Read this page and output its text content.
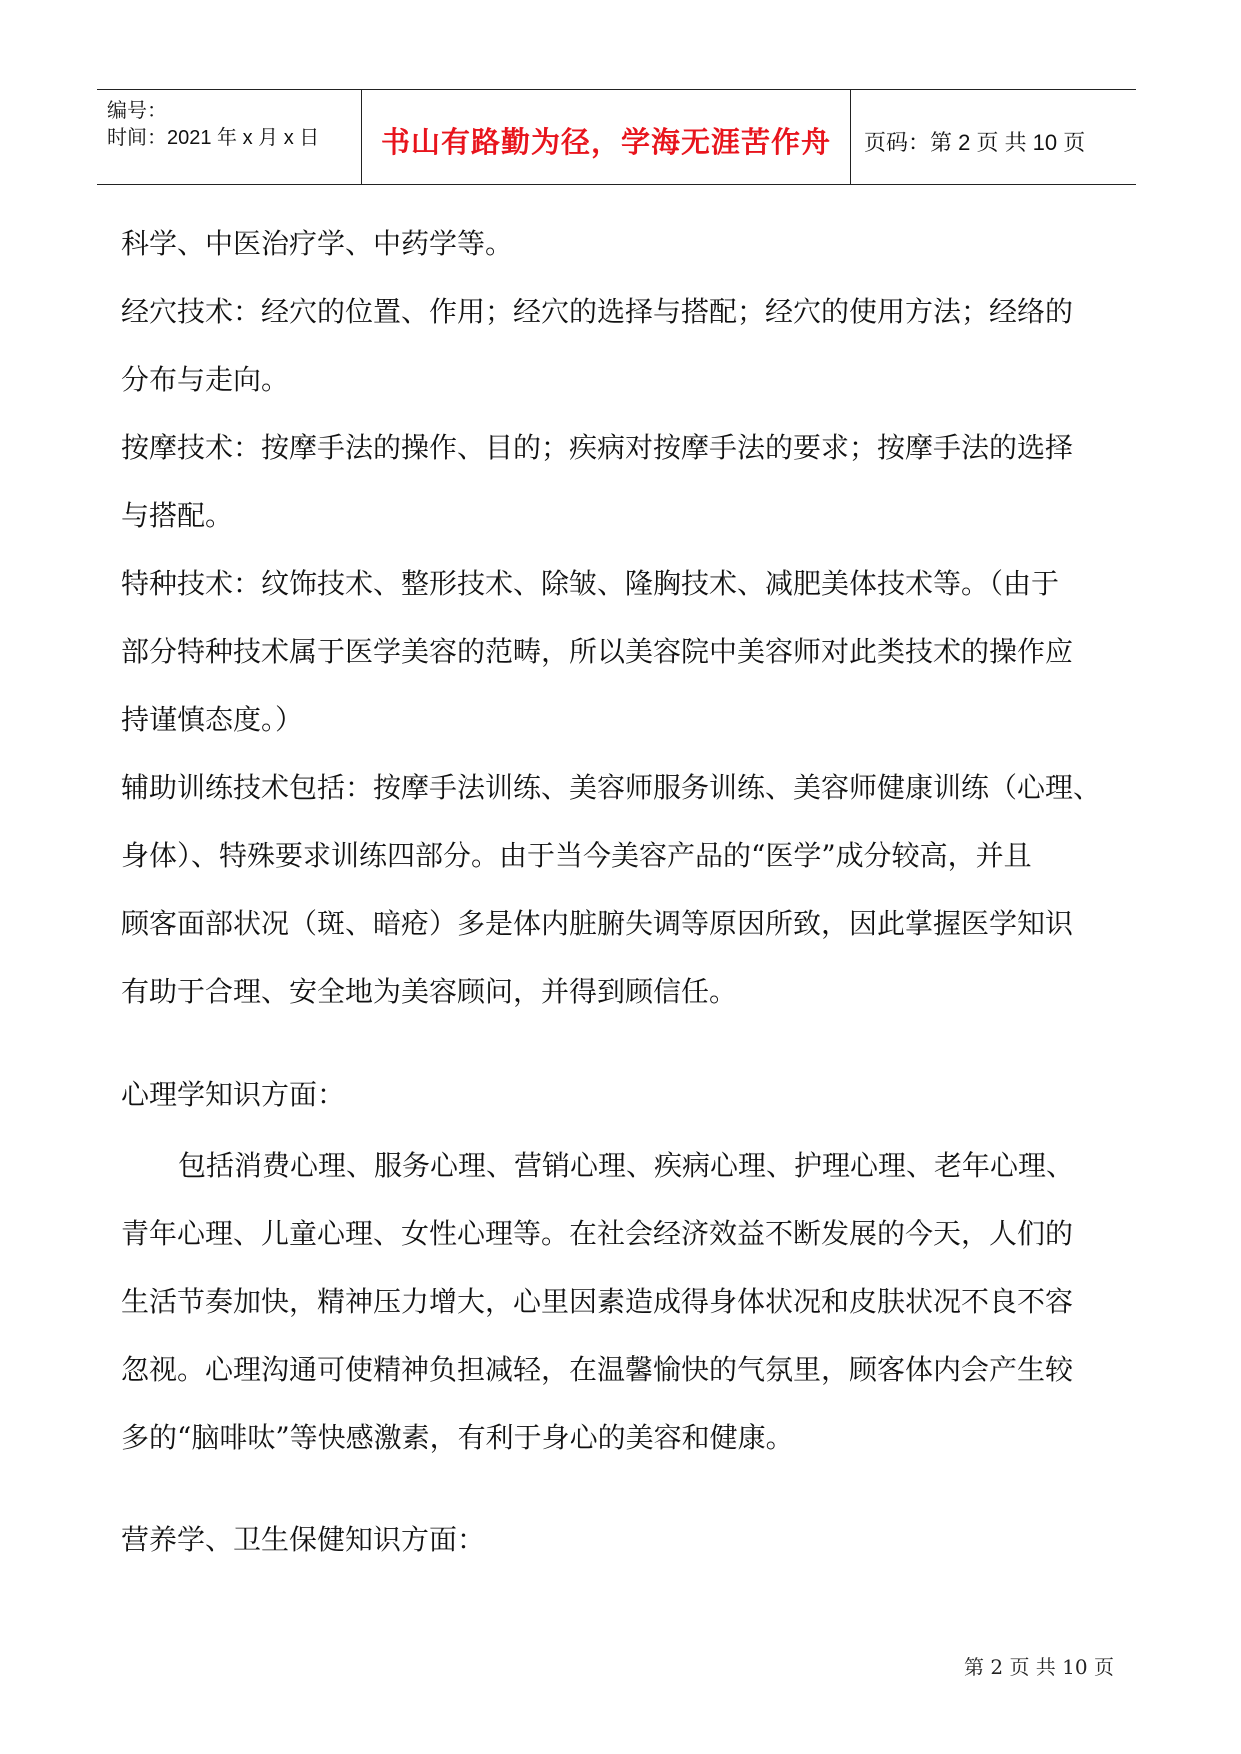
编号：
时间：2021 年 x 月 x 日	书山有路勤为径，学海无涯苦作舟	页码：第 2 页 共 10 页
科学、中医治疗学、中药学等。
经穴技术：经穴的位置、作用；经穴的选择与搭配；经穴的使用方法；经络的
分布与走向。
按摩技术：按摩手法的操作、目的；疾病对按摩手法的要求；按摩手法的选择
与搭配。
特种技术：纹饰技术、整形技术、除皱、隆胸技术、减肥美体技术等。（由于
部分特种技术属于医学美容的范畴，所以美容院中美容师对此类技术的操作应
持谨慎态度。）
辅助训练技术包括：按摩手法训练、美容师服务训练、美容师健康训练（心理、
身体）、特殊要求训练四部分。由于当今美容产品的“医学”成分较高，并且
顾客面部状况（斑、暗疮）多是体内脏腑失调等原因所致，因此掌握医学知识
有助于合理、安全地为美容顾问，并得到顾信任。
心理学知识方面：
包括消费心理、服务心理、营销心理、疾病心理、护理心理、老年心理、
青年心理、儿童心理、女性心理等。在社会经济效益不断发展的今天，人们的
生活节奏加快，精神压力增大，心里因素造成得身体状况和皮肤状况不良不容
忽视。心理沟通可使精神负担减轻，在温馨愉快的气氛里，顾客体内会产生较
多的“脑啡呔”等快感激素，有利于身心的美容和健康。
营养学、卫生保健知识方面：
第 2 页 共 10 页
